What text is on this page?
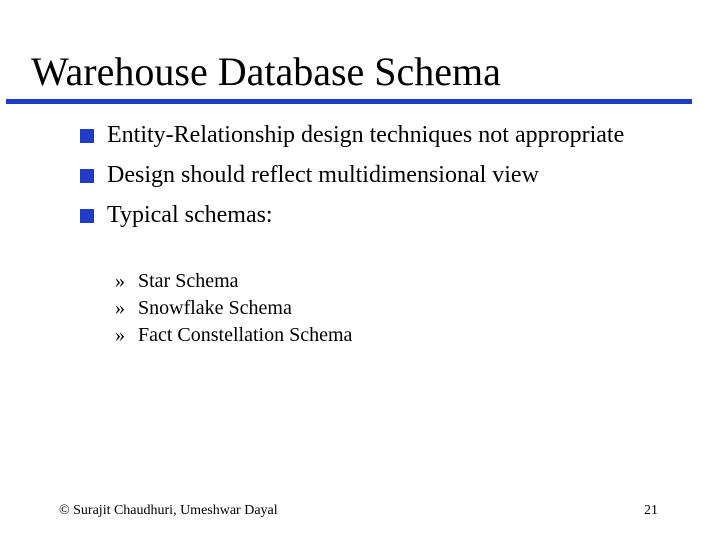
Warehouse Database Schema
Entity-Relationship design techniques not appropriate
Design should reflect multidimensional view
Typical schemas:
» Star Schema
» Snowflake Schema
» Fact Constellation Schema
© Surajit Chaudhuri, Umeshwar Dayal	21
